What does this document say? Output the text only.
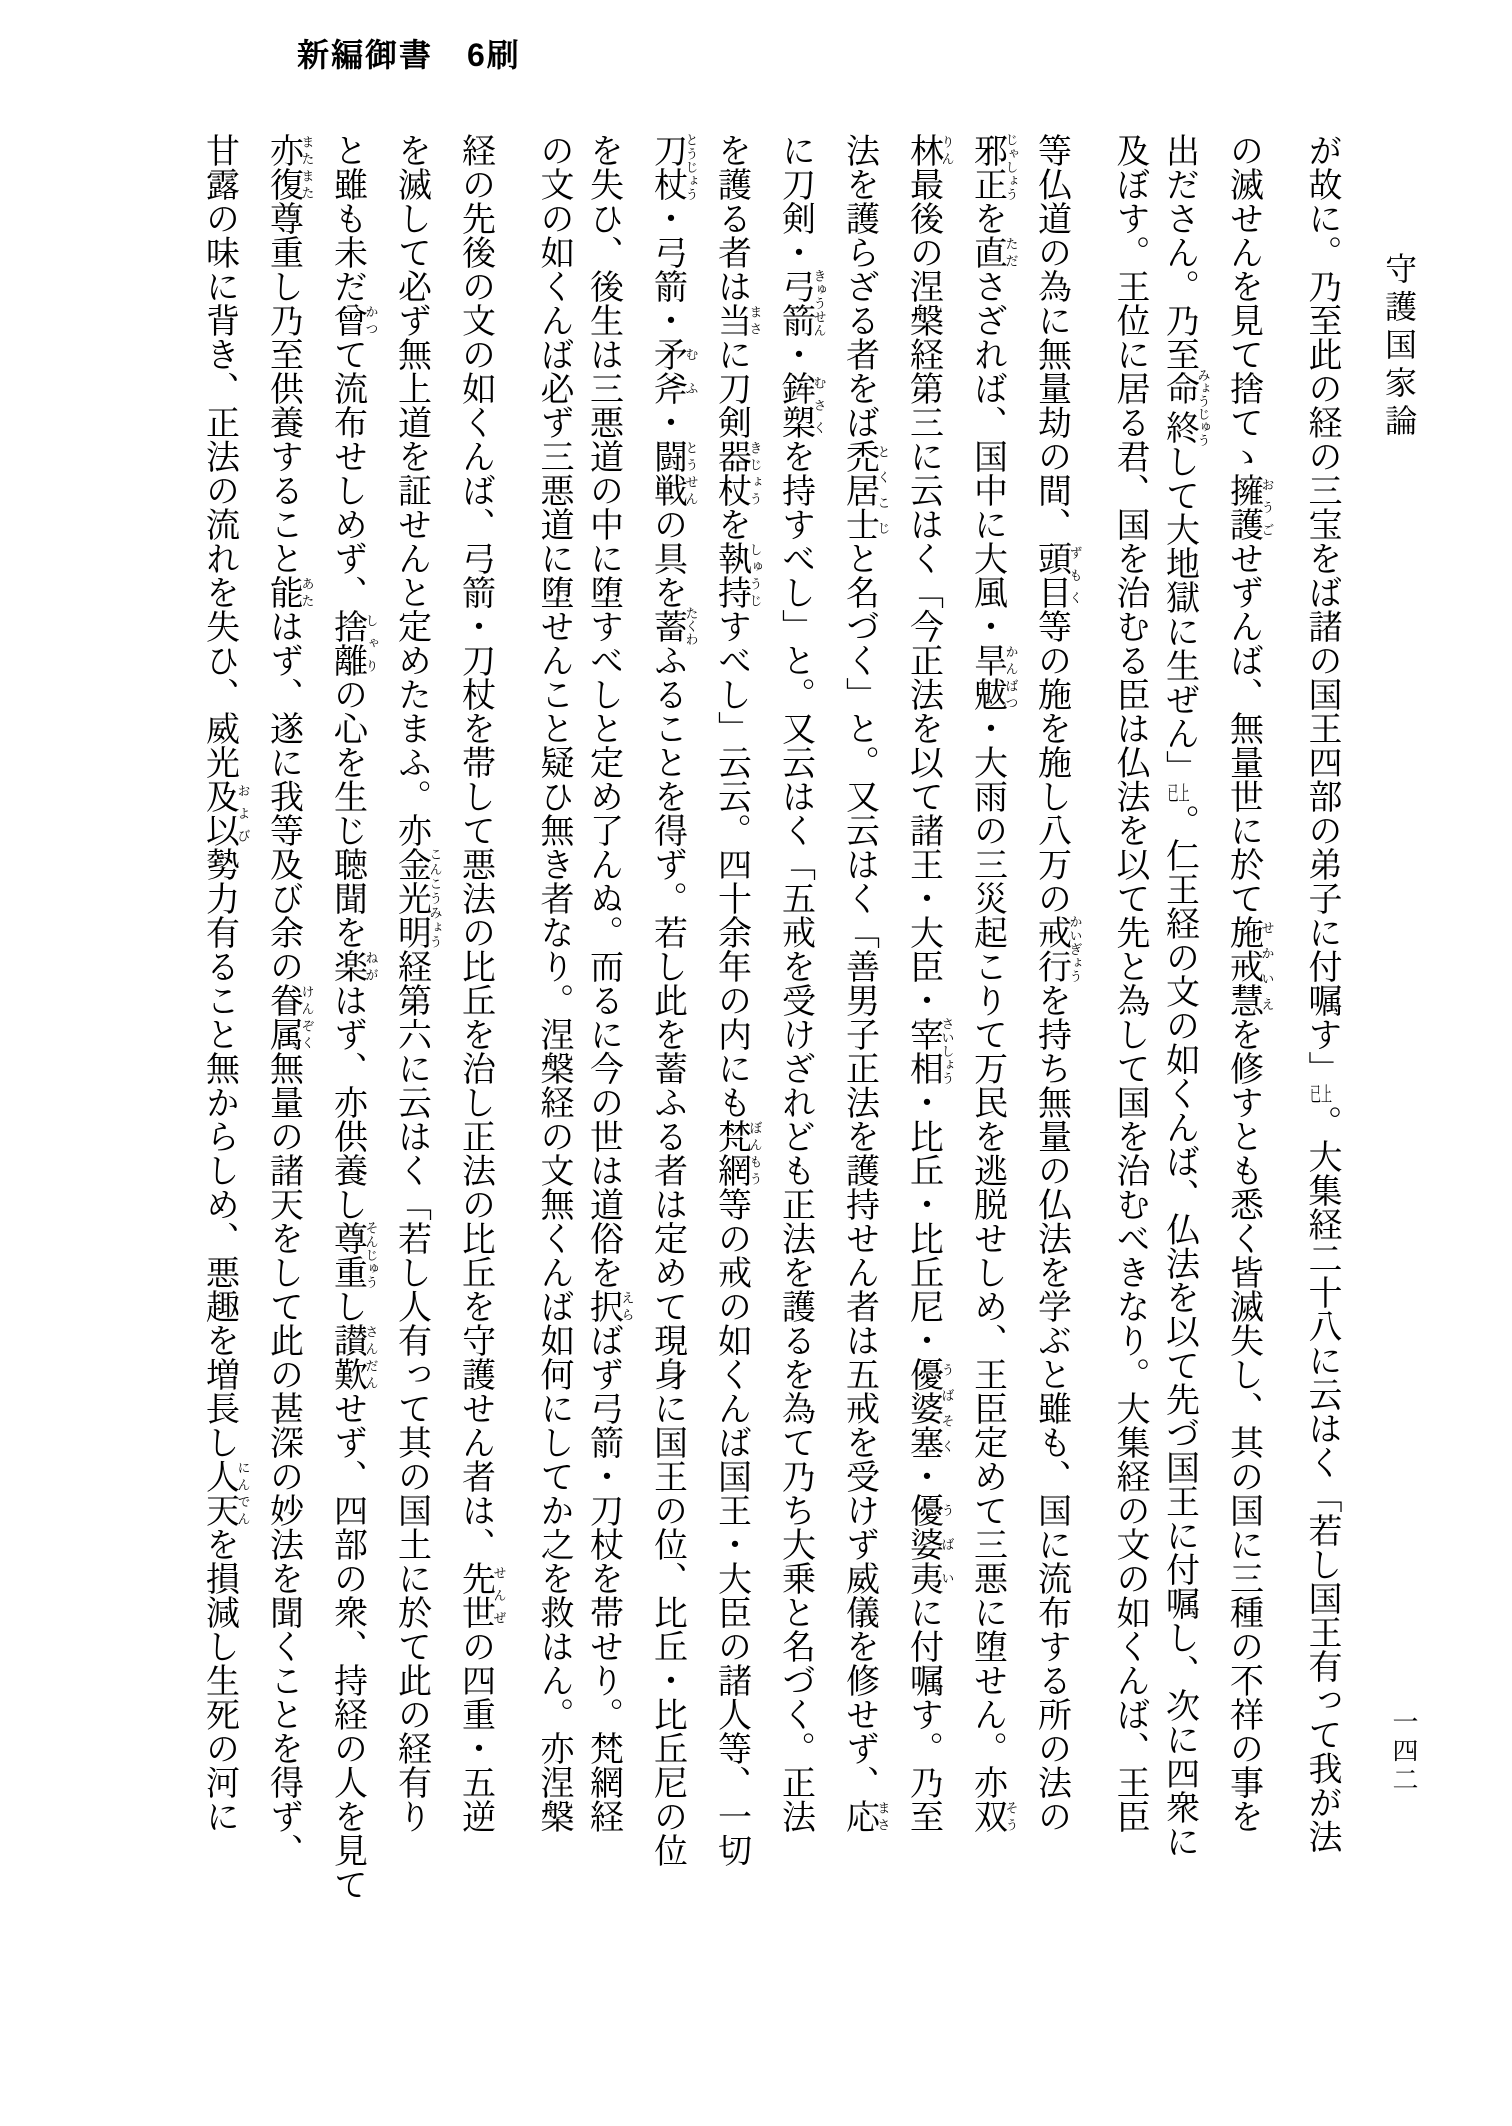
新編御書　6刷
守護国家論
が故に。乃至此の経の三宝をば諸の国王四部の弟子に付嘱す」已上。大集経二十八に云はく「若し国王有って我が法
の滅せんを見て捨てゝ擁護おうごせずんば、無量世に於て施戒慧せかいえを修すとも悉く皆滅失し、其の国に三種の不祥の事を
出ださん。乃至命終みょうじゅうして大地獄に生ぜん」已上。仁王経の文の如くんば、仏法を以て先づ国王に付嘱し、次に四衆に
及ぼす。王位に居る君、国を治むる臣は仏法を以て先と為して国を治むべきなり。大集経の文の如くんば、王臣
等仏道の為に無量劫の間、頭目ずもく等の施を施し八万の戒行かいぎょうを持ち無量の仏法を学ぶと雖も、国に流布する所の法の
邪正じゃしょうを直たださざれば、国中に大風・旱魃かんばつ・大雨の三災起こりて万民を逃脱せしめ、王臣定めて三悪に堕せん。亦双そう
林りん最後の涅槃経第三に云はく「今正法を以て諸王・大臣・宰相さいしょう・比丘・比丘尼・優婆塞うばそく・優婆夷うばいに付嘱す。乃至
法を護らざる者をば禿居士とくこじと名づく」と。又云はく「善男子正法を護持せん者は五戒を受けず威儀を修せず、応まさ
に刀剣・弓箭きゅうせん・鉾槊むさくを持すべし」と。又云はく「五戒を受けざれども正法を護るを為て乃ち大乗と名づく。正法
を護る者は当まさに刀剣器杖きじょうを執持しゅうじすべし」云云。四十余年の内にも梵網ぼんもう等の戒の如くんば国王・大臣の諸人等、一切
刀杖とうじょう・弓箭・矛斧むふ・闘戦とうせんの具を蓄たくわふることを得ず。若し此を蓄ふる者は定めて現身に国王の位、比丘・比丘尼の位
を失ひ、後生は三悪道の中に堕すべしと定め了んぬ。而るに今の世は道俗を択えらばず弓箭・刀杖を帯せり。梵網経
の文の如くんば必ず三悪道に堕せんこと疑ひ無き者なり。涅槃経の文無くんば如何にしてか之を救はん。亦涅槃
経の先後の文の如くんば、弓箭・刀杖を帯して悪法の比丘を治し正法の比丘を守護せん者は、先世せんぜの四重・五逆
を滅して必ず無上道を証せんと定めたまふ。亦金光明こんこうみょう経第六に云はく「若し人有って其の国土に於て此の経有り
と雖も未だ曾かつて流布せしめず、捨離しゃりの心を生じ聴聞を楽ねがはず、亦供養し尊重そんじゅうし讃歎さんだんせず、四部の衆、持経の人を見て
亦復またまた尊重し乃至供養すること能あたはず、遂に我等及び余の眷属けんぞく無量の諸天をして此の甚深の妙法を聞くことを得ず、
甘露の味に背き、正法の流れを失ひ、威光及以および勢力有ること無からしめ、悪趣を増長し人天にんでんを損減し生死の河に	一四二
